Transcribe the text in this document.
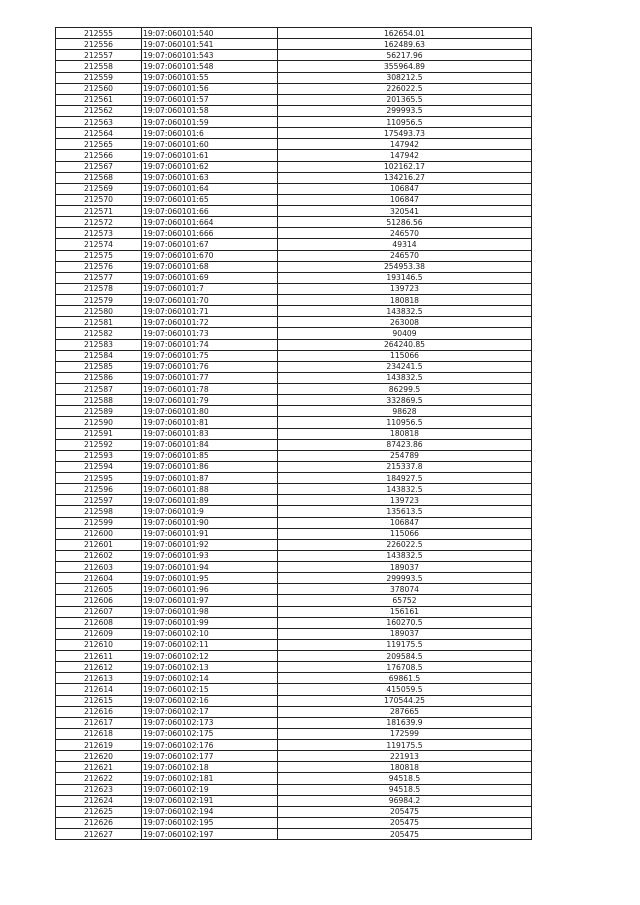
212555	19:07:060101:540	162654.01
212556	19:07:060101:541	162489.63
212557	19:07:060101:543	56217.96
212558	19:07:060101:548	355964.89
212559	19:07:060101:55	308212.5
212560	19:07:060101:56	226022.5
212561	19:07:060101:57	201365.5
212562	19:07:060101:58	299993.5
212563	19:07:060101:59	110956.5
212564	19:07:060101:6	175493.73
212565	19:07:060101:60	147942
212566	19:07:060101:61	147942
212567	19:07:060101:62	102162.17
212568	19:07:060101:63	134216.27
212569	19:07:060101:64	106847
212570	19:07:060101:65	106847
212571	19:07:060101:66	320541
212572	19:07:060101:664	51286.56
212573	19:07:060101:666	246570
212574	19:07:060101:67	49314
212575	19:07:060101:670	246570
212576	19:07:060101:68	254953.38
212577	19:07:060101:69	193146.5
212578	19:07:060101:7	139723
212579	19:07:060101:70	180818
212580	19:07:060101:71	143832.5
212581	19:07:060101:72	263008
212582	19:07:060101:73	90409
212583	19:07:060101:74	264240.85
212584	19:07:060101:75	115066
212585	19:07:060101:76	234241.5
212586	19:07:060101:77	143832.5
212587	19:07:060101:78	86299.5
212588	19:07:060101:79	332869.5
212589	19:07:060101:80	98628
212590	19:07:060101:81	110956.5
212591	19:07:060101:83	180818
212592	19:07:060101:84	87423.86
212593	19:07:060101:85	254789
212594	19:07:060101:86	215337.8
212595	19:07:060101:87	184927.5
212596	19:07:060101:88	143832.5
212597	19:07:060101:89	139723
212598	19:07:060101:9	135613.5
212599	19:07:060101:90	106847
212600	19:07:060101:91	115066
212601	19:07:060101:92	226022.5
212602	19:07:060101:93	143832.5
212603	19:07:060101:94	189037
212604	19:07:060101:95	299993.5
212605	19:07:060101:96	378074
212606	19:07:060101:97	65752
212607	19:07:060101:98	156161
212608	19:07:060101:99	160270.5
212609	19:07:060102:10	189037
212610	19:07:060102:11	119175.5
212611	19:07:060102:12	209584.5
212612	19:07:060102:13	176708.5
212613	19:07:060102:14	69861.5
212614	19:07:060102:15	415059.5
212615	19:07:060102:16	170544.25
212616	19:07:060102:17	287665
212617	19:07:060102:173	181639.9
212618	19:07:060102:175	172599
212619	19:07:060102:176	119175.5
212620	19:07:060102:177	221913
212621	19:07:060102:18	180818
212622	19:07:060102:181	94518.5
212623	19:07:060102:19	94518.5
212624	19:07:060102:191	96984.2
212625	19:07:060102:194	205475
212626	19:07:060102:195	205475
212627	19:07:060102:197	205475
